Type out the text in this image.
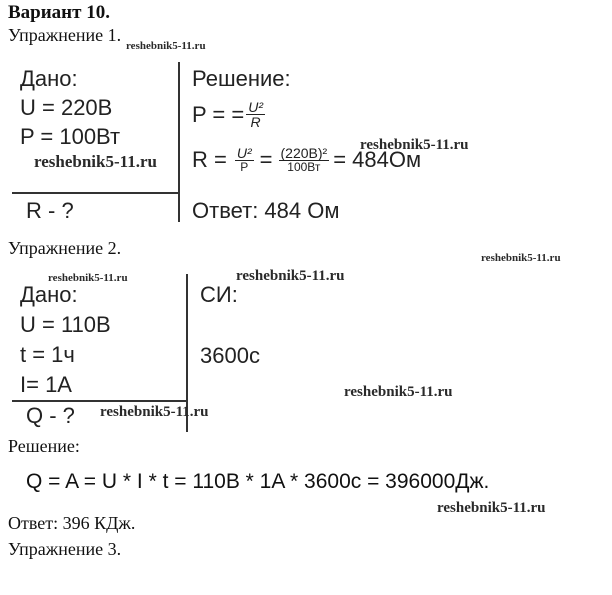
Вариант 10.
Упражнение 1.
reshebnik5-11.ru
Дано:
U = 220В
P = 100Вт
reshebnik5-11.ru
R - ?
Решение:
P = = $\frac{\text{U²}}{R}$
reshebnik5-11.ru
$R = \frac{\text{U²}}{P} = \frac{\text{(220В)²}}{100Вт} = 484Ом$
Ответ: 484 Ом
Упражнение 2.	reshebnik5-11.ru
reshebnik5-11.ru	reshebnik5-11.ru
Дано:
U = 110В
t = 1ч
I= 1А
Q - ?
СИ:
3600с
reshebnik5-11.ru
reshebnik5-11.ru
Решение:
Q = A = U * I * t = 110В * 1A * 3600с = 396000Дж.
reshebnik5-11.ru
Ответ: 396 КДж.
Упражнение 3.
